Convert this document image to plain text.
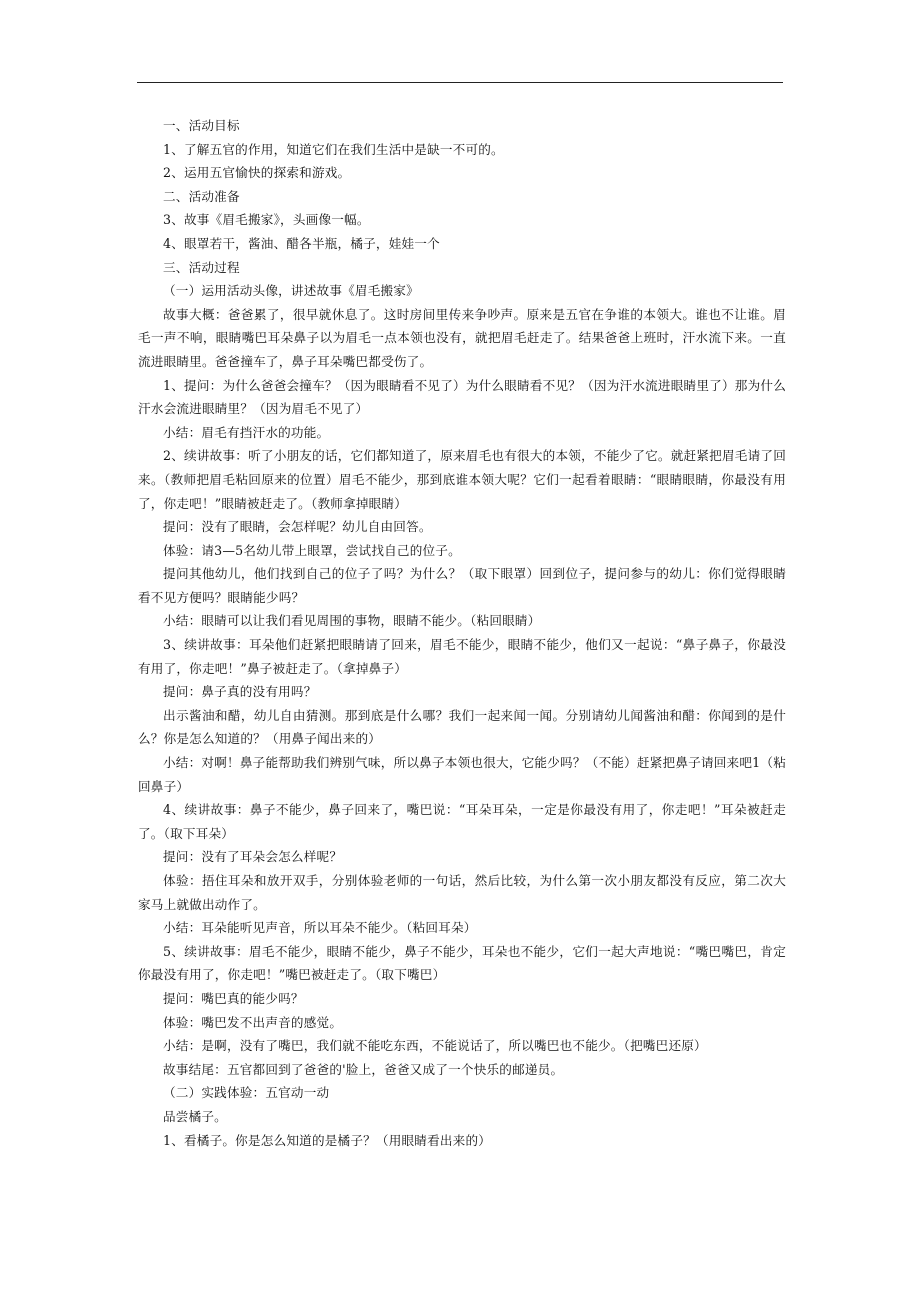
一、活动目标

1、了解五官的作用，知道它们在我们生活中是缺一不可的。

2、运用五官愉快的探索和游戏。

二、活动准备

3、故事《眉毛搬家》，头画像一幅。

4、眼罩若干，酱油、醋各半瓶，橘子，娃娃一个

三、活动过程

（一）运用活动头像，讲述故事《眉毛搬家》

故事大概：爸爸累了，很早就休息了。这时房间里传来争吵声。原来是五官在争谁的本领大。谁也不让谁。眉毛一声不响，眼睛嘴巴耳朵鼻子以为眉毛一点本领也没有，就把眉毛赶走了。结果爸爸上班时，汗水流下来。一直流进眼睛里。爸爸撞车了，鼻子耳朵嘴巴都受伤了。

1、提问：为什么爸爸会撞车？（因为眼睛看不见了）为什么眼睛看不见？（因为汗水流进眼睛里了）那为什么汗水会流进眼睛里？（因为眉毛不见了）

小结：眉毛有挡汗水的功能。

2、续讲故事：听了小朋友的话，它们都知道了，原来眉毛也有很大的本领，不能少了它。就赶紧把眉毛请了回来。（教师把眉毛粘回原来的位置）眉毛不能少，那到底谁本领大呢？它们一起看着眼睛：“眼睛眼睛，你最没有用了，你走吧！”眼睛被赶走了。（教师拿掉眼睛）

提问：没有了眼睛，会怎样呢？幼儿自由回答。

体验：请3—5名幼儿带上眼罩，尝试找自己的位子。

提问其他幼儿，他们找到自己的位子了吗？为什么？（取下眼罩）回到位子，提问参与的幼儿：你们觉得眼睛看不见方便吗？眼睛能少吗？

小结：眼睛可以让我们看见周围的事物，眼睛不能少。（粘回眼睛）

3、续讲故事：耳朵他们赶紧把眼睛请了回来，眉毛不能少，眼睛不能少，他们又一起说：“鼻子鼻子，你最没有用了，你走吧！”鼻子被赶走了。（拿掉鼻子）

提问：鼻子真的没有用吗？

出示酱油和醋，幼儿自由猜测。那到底是什么哪？我们一起来闻一闻。分别请幼儿闻酱油和醋：你闻到的是什么？你是怎么知道的？（用鼻子闻出来的）

小结：对啊！鼻子能帮助我们辨别气味，所以鼻子本领也很大，它能少吗？（不能）赶紧把鼻子请回来吧1（粘回鼻子）

4、续讲故事：鼻子不能少，鼻子回来了，嘴巴说：“耳朵耳朵，一定是你最没有用了，你走吧！”耳朵被赶走了。（取下耳朵）

提问：没有了耳朵会怎么样呢？

体验：捂住耳朵和放开双手，分别体验老师的一句话，然后比较，为什么第一次小朋友都没有反应，第二次大家马上就做出动作了。

小结：耳朵能听见声音，所以耳朵不能少。（粘回耳朵）

5、续讲故事：眉毛不能少，眼睛不能少，鼻子不能少，耳朵也不能少，它们一起大声地说：“嘴巴嘴巴，肯定你最没有用了，你走吧！”嘴巴被赶走了。（取下嘴巴）

提问：嘴巴真的能少吗？

体验：嘴巴发不出声音的感觉。

小结：是啊，没有了嘴巴，我们就不能吃东西，不能说话了，所以嘴巴也不能少。（把嘴巴还原）

故事结尾：五官都回到了爸爸的'脸上，爸爸又成了一个快乐的邮递员。

（二）实践体验：五官动一动

品尝橘子。

1、看橘子。你是怎么知道的是橘子？（用眼睛看出来的）
